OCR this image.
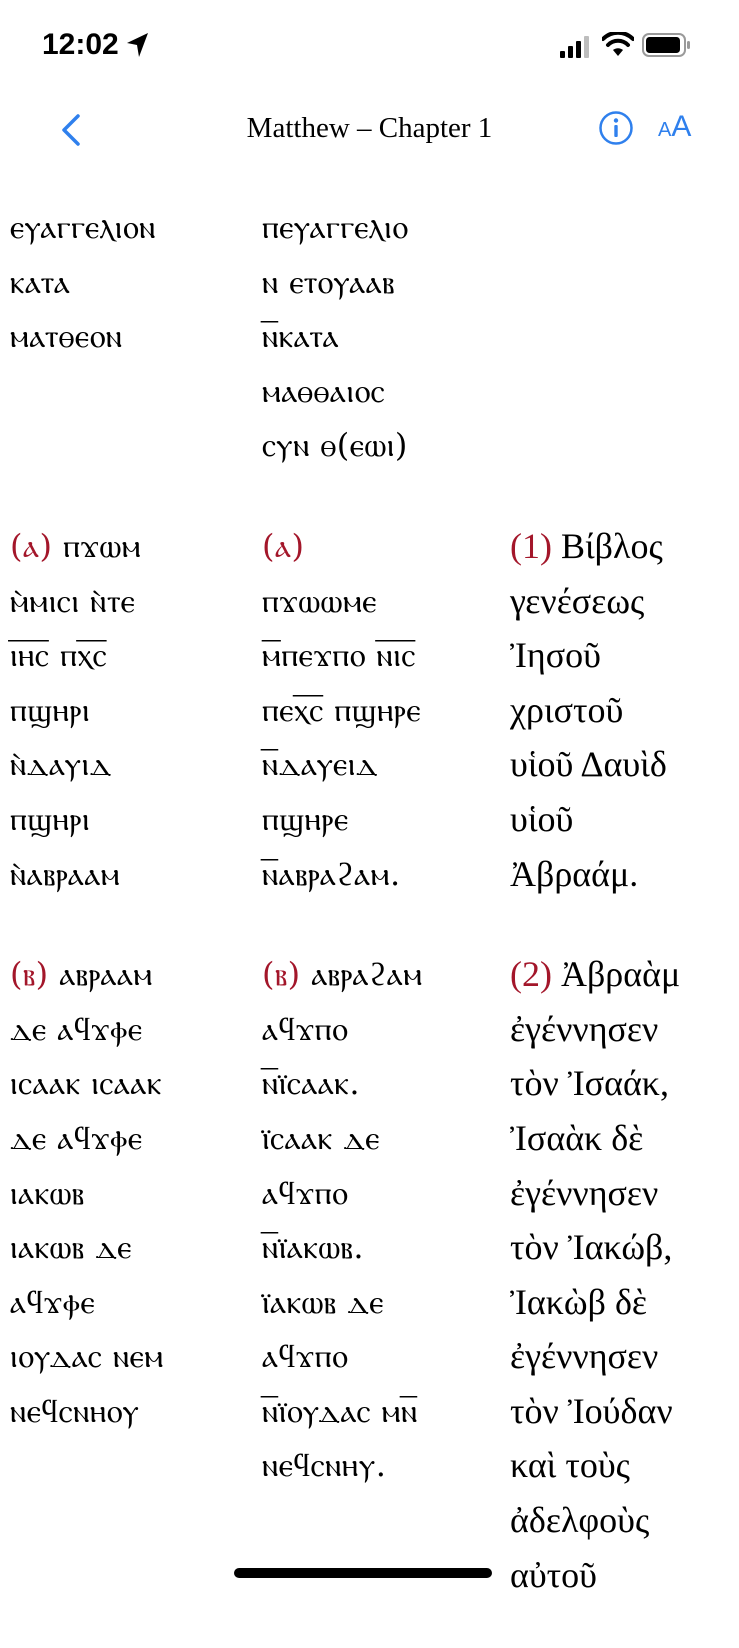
12:02
Matthew – Chapter 1	AA
ⲉⲩⲁⲅⲅⲉⲗⲓⲟⲛ
ⲕⲁⲧⲁ
ⲙⲁⲧⲑⲉⲟⲛ
ⲡⲉⲩⲁⲅⲅⲉⲗⲓⲟ
ⲛ ⲉⲧⲟⲩⲁⲁⲃ
ⲛ̅ⲕⲁⲧⲁ
ⲙⲁⲑⲑⲁⲓⲟⲥ
ⲥⲩⲛ ⲑ(ⲉⲱⲓ)
(ⲁ) ⲡϫⲱⲙ
ⲙ̀ⲙⲓⲥⲓ ⲛ̀ⲧⲉ
ⲓ̅ⲏ̅ⲥ̅ ⲡⲭ̅ⲥ̅
ⲡϣⲏⲣⲓ
ⲛ̀ⲇⲁⲩⲓⲇ
ⲡϣⲏⲣⲓ
ⲛ̀ⲁⲃⲣⲁⲁⲙ
(ⲁ)
ⲡϫⲱⲱⲙⲉ
ⲙ̅ⲡⲉϫⲡⲟ ⲛ̅ⲓ̅ⲥ̅
ⲡⲉⲭ̅ⲥ̅ ⲡϣⲏⲣⲉ
ⲛ̅ⲇⲁⲩⲉⲓⲇ
ⲡϣⲏⲣⲉ
ⲛ̅ⲁⲃⲣⲁϩⲁⲙ.
(1) Βίβλος
γενέσεως
Ἰησοῦ
χριστοῦ
υἱοῦ Δαυὶδ
υἱοῦ
Ἀβραάμ.
(ⲃ) ⲁⲃⲣⲁⲁⲙ
ⲇⲉ ⲁϥϫⲫⲉ
ⲓⲥⲁⲁⲕ ⲓⲥⲁⲁⲕ
ⲇⲉ ⲁϥϫⲫⲉ
ⲓⲁⲕⲱⲃ
ⲓⲁⲕⲱⲃ ⲇⲉ
ⲁϥϫⲫⲉ
ⲓⲟⲩⲇⲁⲥ ⲛⲉⲙ
ⲛⲉϥⲥⲛⲏⲟⲩ
(ⲃ) ⲁⲃⲣⲁϩⲁⲙ
ⲁϥϫⲡⲟ
ⲛ̅ⲓ̈ⲥⲁⲁⲕ.
ⲓ̈ⲥⲁⲁⲕ ⲇⲉ
ⲁϥϫⲡⲟ
ⲛ̅ⲓ̈ⲁⲕⲱⲃ.
ⲓ̈ⲁⲕⲱⲃ ⲇⲉ
ⲁϥϫⲡⲟ
ⲛ̅ⲓ̈ⲟⲩⲇⲁⲥ ⲙⲛ̅
ⲛⲉϥⲥⲛⲏⲩ.
(2) Ἀβραὰμ
ἐγέννησεν
τὸν Ἰσαάκ,
Ἰσαὰκ δὲ
ἐγέννησεν
τὸν Ἰακώβ,
Ἰακὼβ δὲ
ἐγέννησεν
τὸν Ἰούδαν
καὶ τοὺς
ἀδελφοὺς
αὐτοῦ
